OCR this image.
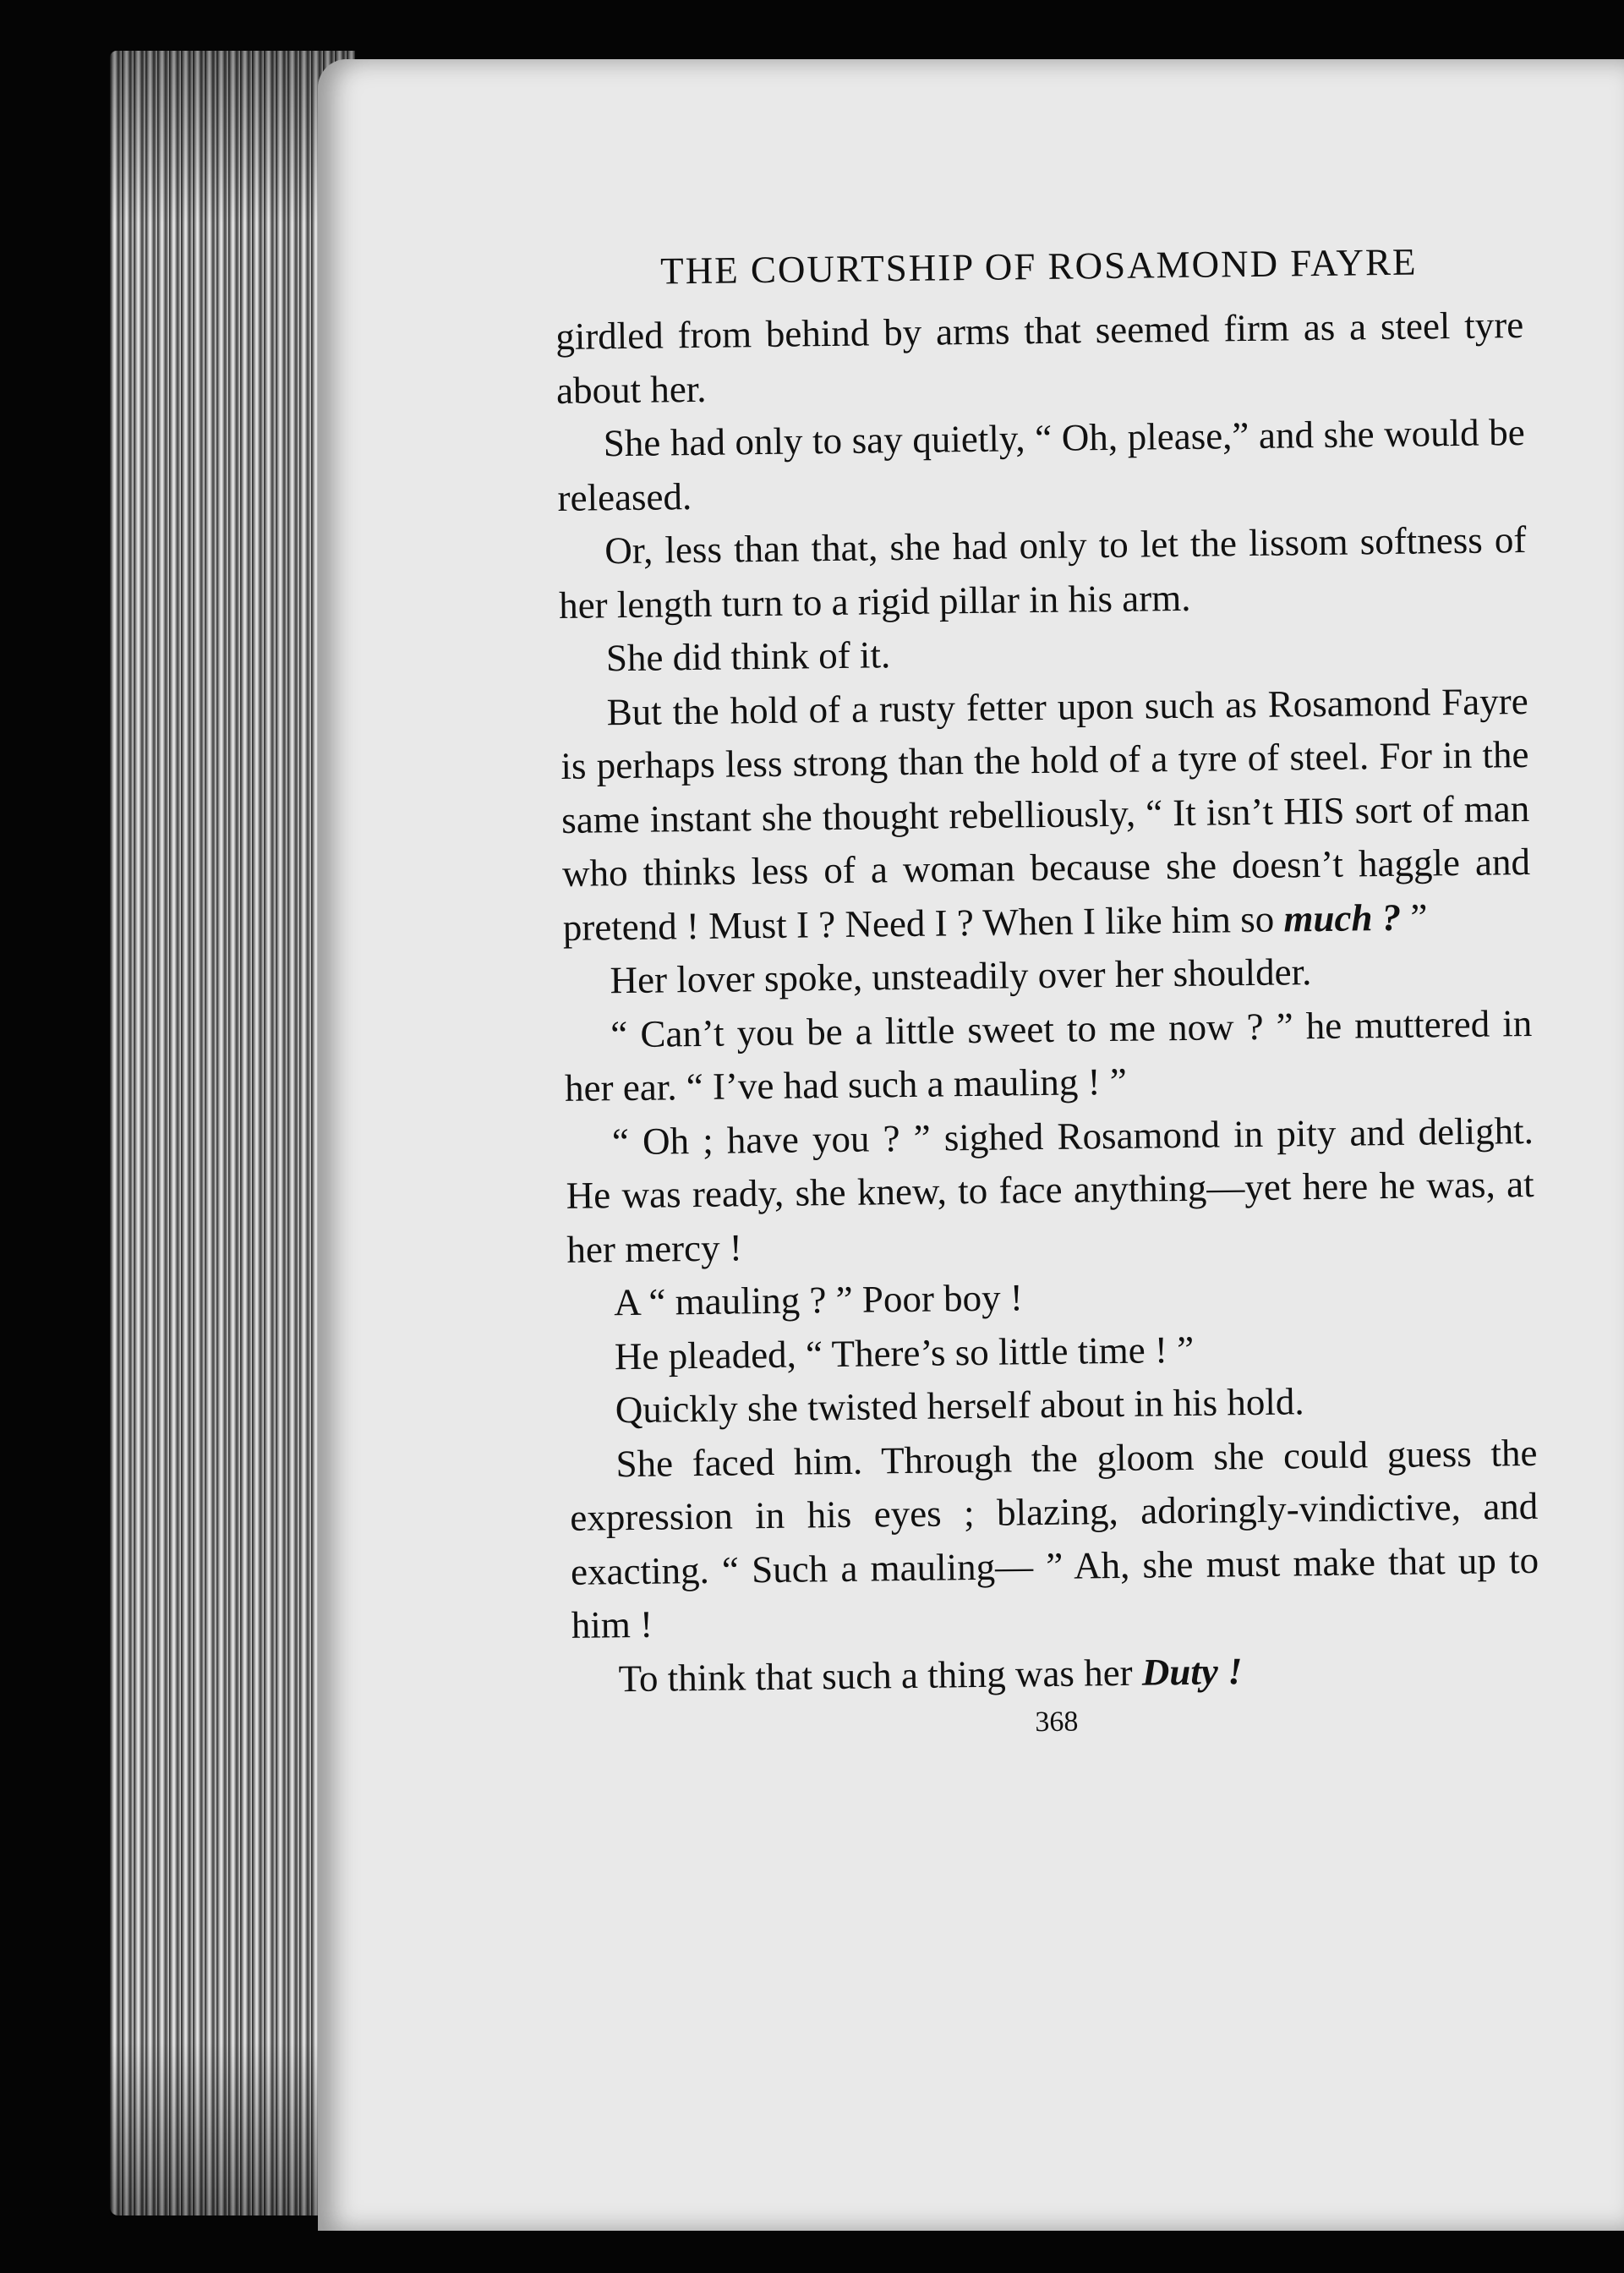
THE COURTSHIP OF ROSAMOND FAYRE

girdled from behind by arms that seemed firm as a steel tyre about her.

She had only to say quietly, “ Oh, please,” and she would be released.

Or, less than that, she had only to let the lissom softness of her length turn to a rigid pillar in his arm.

She did think of it.

But the hold of a rusty fetter upon such as Rosamond Fayre is perhaps less strong than the hold of a tyre of steel. For in the same instant she thought rebelliously, “ It isn’t HIS sort of man who thinks less of a woman because she doesn’t haggle and pretend ! Must I ? Need I ? When I like him so much ? ”

Her lover spoke, unsteadily over her shoulder.

“ Can’t you be a little sweet to me now ? ” he muttered in her ear. “ I’ve had such a mauling ! ”

“ Oh ; have you ? ” sighed Rosamond in pity and delight. He was ready, she knew, to face anything—yet here he was, at her mercy !

A “ mauling ? ” Poor boy !

He pleaded, “ There’s so little time ! ”

Quickly she twisted herself about in his hold.

She faced him. Through the gloom she could guess the expression in his eyes ; blazing, adoringly-vindictive, and exacting. “ Such a mauling— ” Ah, she must make that up to him !

To think that such a thing was her Duty !

368
